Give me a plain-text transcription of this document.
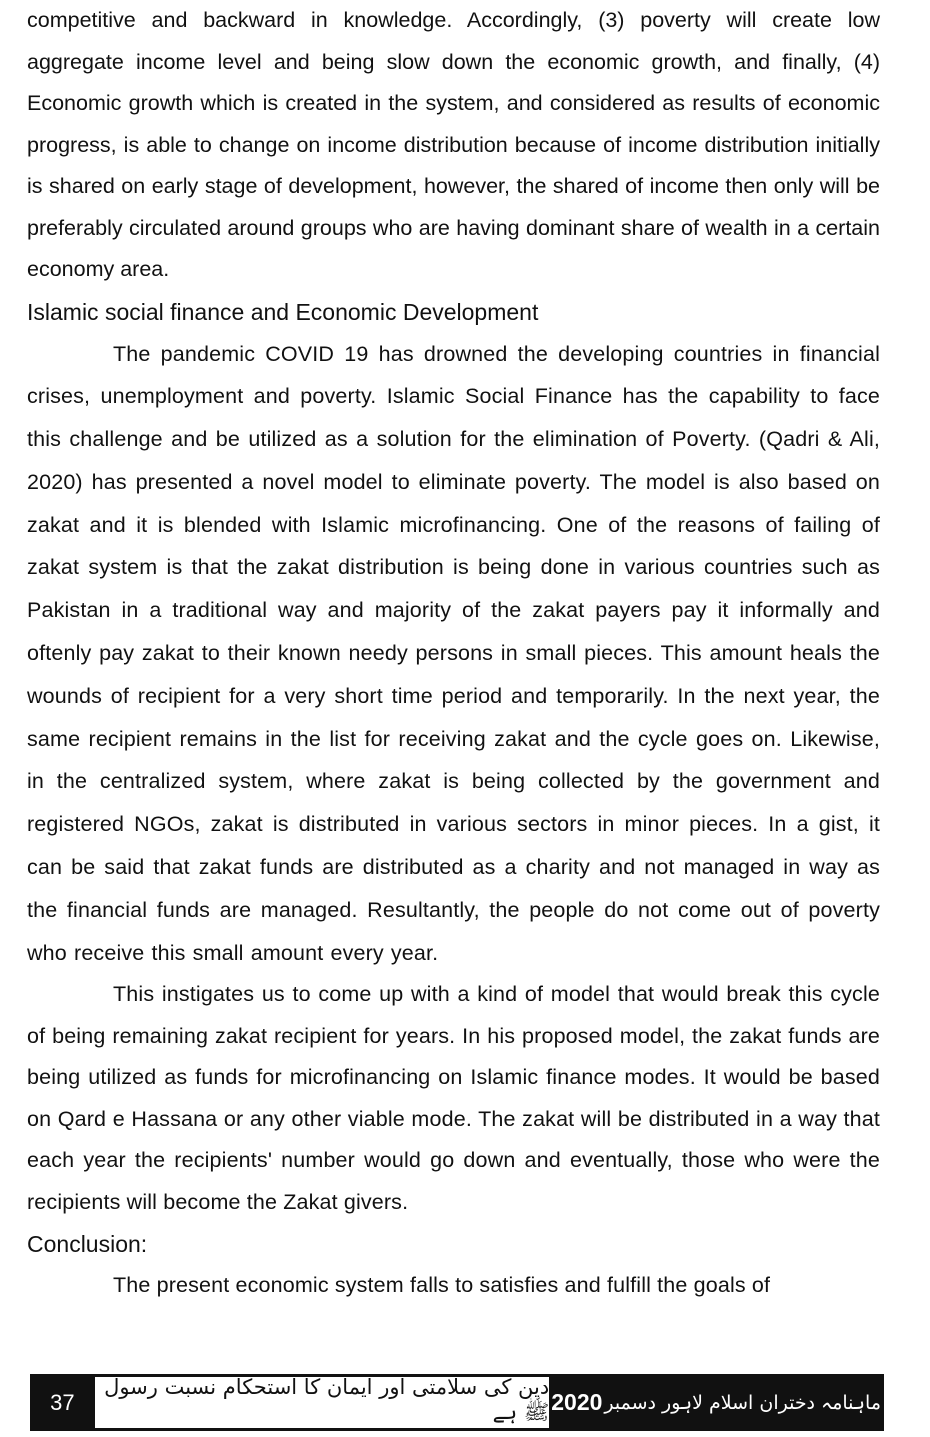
competitive and backward in knowledge. Accordingly, (3) poverty will create low aggregate income level and being slow down the economic growth, and finally, (4) Economic growth which is created in the system, and considered as results of economic progress, is able to change on income distribution because of income distribution initially is shared on early stage of development, however, the shared of income then only will be preferably circulated around groups who are having dominant share of wealth in a certain economy area.

Islamic social finance and Economic Development

The pandemic COVID 19 has drowned the developing countries in financial crises, unemployment and poverty. Islamic Social Finance has the capability to face this challenge and be utilized as a solution for the elimination of Poverty. (Qadri & Ali, 2020) has presented a novel model to eliminate poverty. The model is also based on zakat and it is blended with Islamic microfinancing. One of the reasons of failing of zakat system is that the zakat distribution is being done in various countries such as Pakistan in a traditional way and majority of the zakat payers pay it informally and oftenly pay zakat to their known needy persons in small pieces. This amount heals the wounds of recipient for a very short time period and temporarily. In the next year, the same recipient remains in the list for receiving zakat and the cycle goes on. Likewise, in the centralized system, where zakat is being collected by the government and registered NGOs, zakat is distributed in various sectors in minor pieces. In a gist, it can be said that zakat funds are distributed as a charity and not managed in way as the financial funds are managed. Resultantly, the people do not come out of poverty who receive this small amount every year.

This instigates us to come up with a kind of model that would break this cycle of being remaining zakat recipient for years. In his proposed model, the zakat funds are being utilized as funds for microfinancing on Islamic finance modes. It would be based on Qard e Hassana or any other viable mode. The zakat will be distributed in a way that each year the recipients' number would go down and eventually, those who were the recipients will become the Zakat givers.

Conclusion:

The present economic system falls to satisfies and fulfill the goals of

37
دین کی سلامتی اور ایمان کا استحکام نسبت رسول ﷺ ہے	ماہنامہ دختران اسلام لاہور دسمبر
2020
